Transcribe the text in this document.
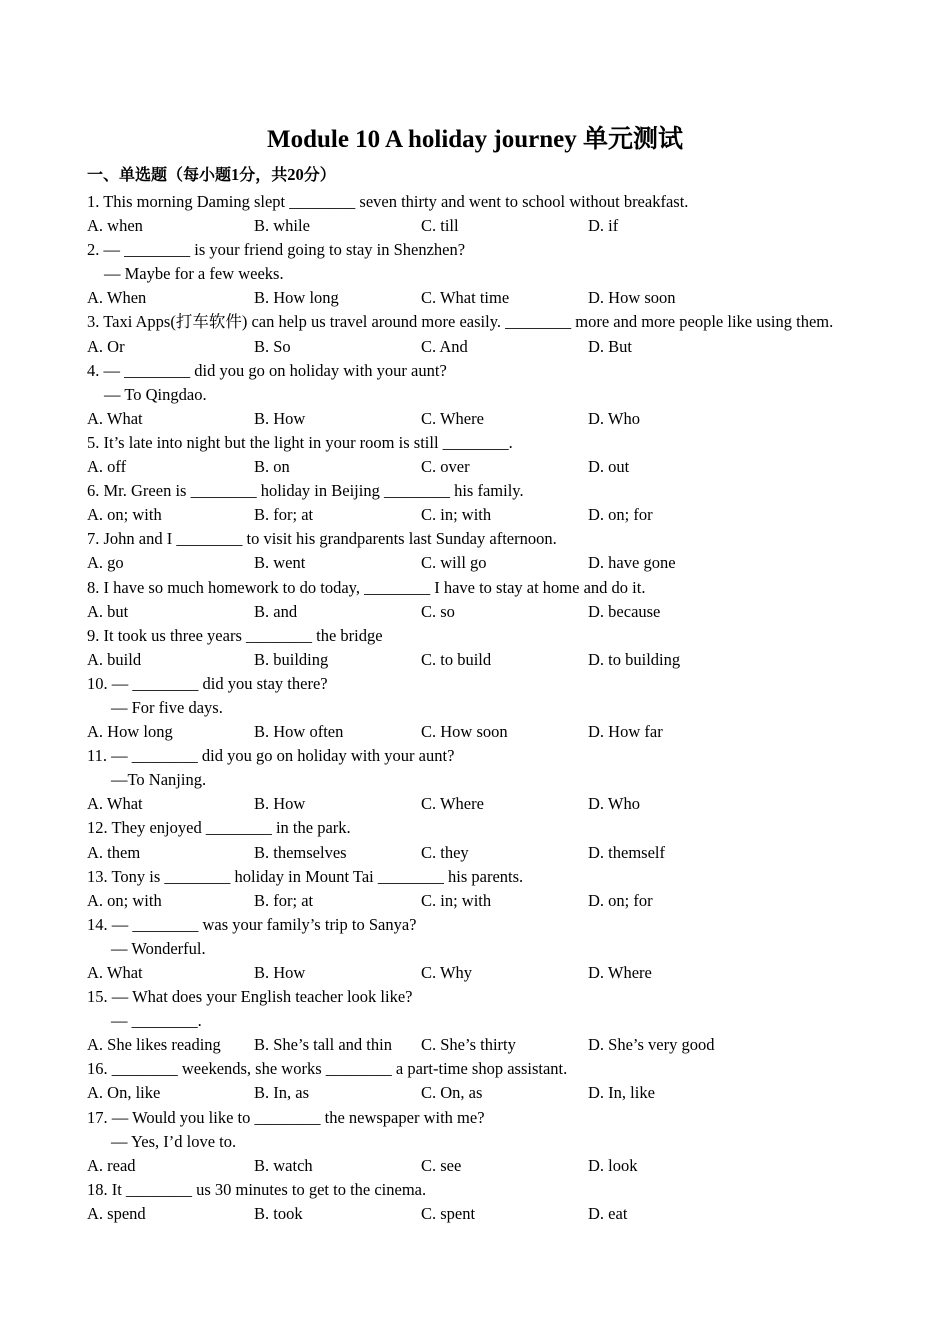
Module 10 A holiday journey 单元测试
一、单选题（每小题1分，共20分）
1. This morning Daming slept ________ seven thirty and went to school without breakfast.
A. when	B. while	C. till	D. if
2. — ________ is your friend going to stay in Shenzhen?
— Maybe for a few weeks.
A. When	B. How long	C. What time	D. How soon
3. Taxi Apps(打车软件) can help us travel around more easily. ________ more and more people like using them.
A. Or	B. So	C. And	D. But
4. — ________ did you go on holiday with your aunt?
— To Qingdao.
A. What	B. How	C. Where	D. Who
5. It’s late into night but the light in your room is still ________.
A. off	B. on	C. over	D. out
6. Mr. Green is ________ holiday in Beijing ________ his family.
A. on; with	B. for; at	C. in; with	D. on; for
7. John and I ________ to visit his grandparents last Sunday afternoon.
A. go	B. went	C. will go	D. have gone
8. I have so much homework to do today, ________ I have to stay at home and do it.
A. but	B. and	C. so	D. because
9. It took us three years ________ the bridge
A. build	B. building	C. to build	D. to building
10. — ________ did you stay there?
— For five days.
A. How long	B. How often	C. How soon	D. How far
11. — ________ did you go on holiday with your aunt?
—To Nanjing.
A. What	B. How	C. Where	D. Who
12. They enjoyed ________ in the park.
A. them	B. themselves	C. they	D. themself
13. Tony is ________ holiday in Mount Tai ________ his parents.
A. on; with	B. for; at	C. in; with	D. on; for
14. — ________ was your family’s trip to Sanya?
— Wonderful.
A. What	B. How	C. Why	D. Where
15. — What does your English teacher look like?
— ________.
A. She likes reading B. She’s tall and thin C. She’s thirty	D. She’s very good
16. ________ weekends, she works ________ a part-time shop assistant.
A. On, like	B. In, as	C. On, as	D. In, like
17. — Would you like to ________ the newspaper with me?
— Yes, I’d love to.
A. read	B. watch	C. see	D. look
18. It ________ us 30 minutes to get to the cinema.
A. spend	B. took	C. spent	D. eat
